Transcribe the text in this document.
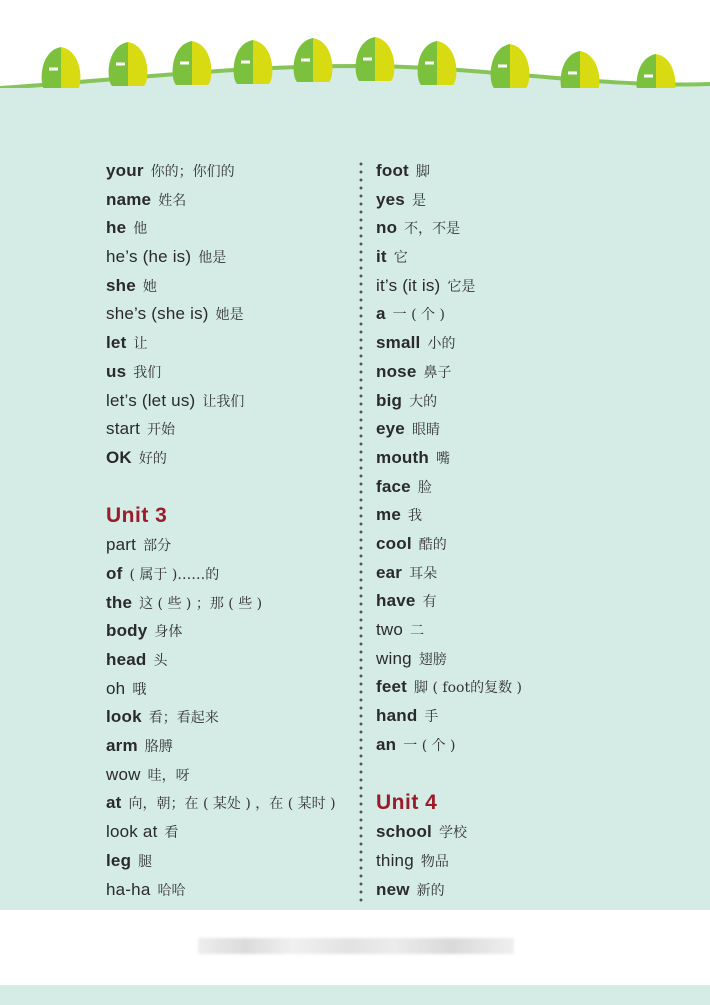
your 你的；你们的
name 姓名
he 他
he’s (he is) 他是
she 她
she’s (she is) 她是
let 让
us 我们
let’s (let us) 让我们
start 开始
OK 好的
Unit 3
part 部分
of ( 属于 )……的
the 这 ( 些 ) ；那 ( 些 )
body 身体
head 头
oh 哦
look 看；看起来
arm 胳膊
wow 哇，呀
at 向，朝；在 ( 某处 ) ，在 ( 某时 )
look at 看
leg 腿
ha-ha 哈哈
foot 脚
yes 是
no 不，不是
it 它
it’s (it is) 它是
a 一 ( 个 )
small 小的
nose 鼻子
big 大的
eye 眼睛
mouth 嘴
face 脸
me 我
cool 酷的
ear 耳朵
have 有
two 二
wing 翅膀
feet 脚 ( foot的复数 )
hand 手
an 一 ( 个 )
Unit 4
school 学校
thing 物品
new 新的
